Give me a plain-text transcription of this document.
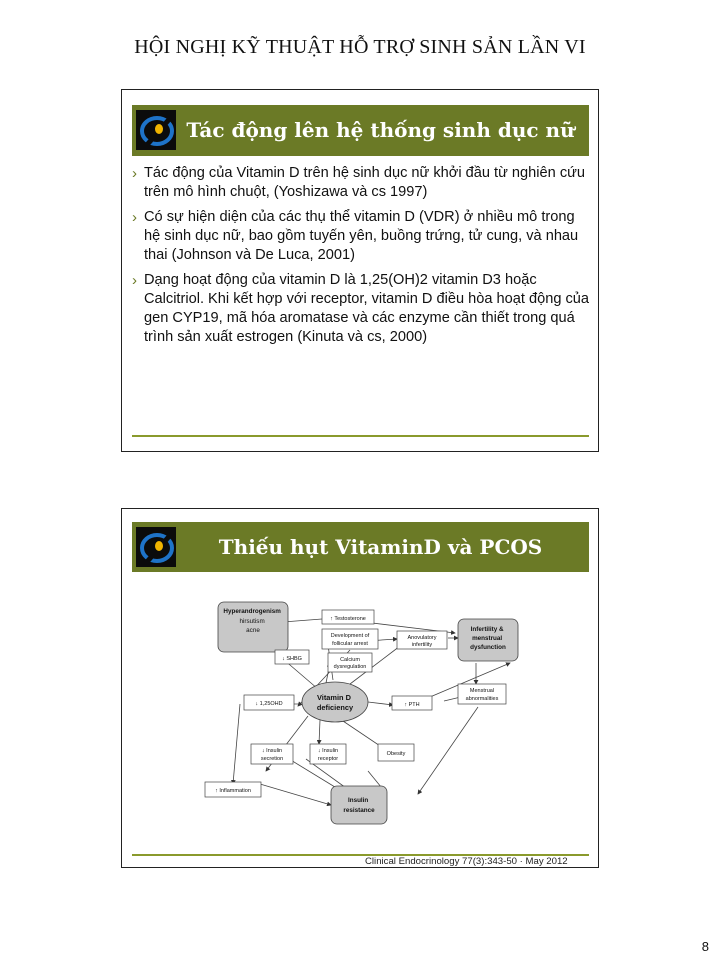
HỘI NGHỊ KỸ THUẬT HỖ TRỢ SINH SẢN LẦN VI
Tác động lên hệ thống sinh dục nữ
› Tác động của Vitamin D trên hệ sinh dục nữ khởi đầu từ nghiên cứu trên mô hình chuột, (Yoshizawa và cs 1997)
› Có sự hiện diện của các thụ thể vitamin D (VDR) ở nhiều mô trong hệ sinh dục nữ, bao gồm tuyến yên, buồng trứng, tử cung, và nhau thai (Johnson và De Luca, 2001)
› Dạng hoạt động của vitamin D là 1,25(OH)2 vitamin D3 hoặc Calcitriol. Khi kết hợp với receptor, vitamin D điều hòa hoạt động của gen CYP19, mã hóa aromatase và các enzyme cần thiết trong quá trình sản xuất estrogen (Kinuta và cs, 2000)
Thiếu hụt VitaminD và PCOS
Hyperandrogenism hirsutism acne	Infertility & menstrual dysfunction
Vitamin D deficiency
Insulin resistance
↑ Testosterone
Development of
follicular arrest
Anovulatory
infertility
↓ SHBG	Calcium
dysregulation
Menstrual
abnormalities
↓ 1,25OHD	↑ PTH
↓ Insulin
secretion
↓ Insulin
receptor
Obesity
↑ Inflammation
Clinical Endocrinology 77(3):343-50 · May 2012
8
